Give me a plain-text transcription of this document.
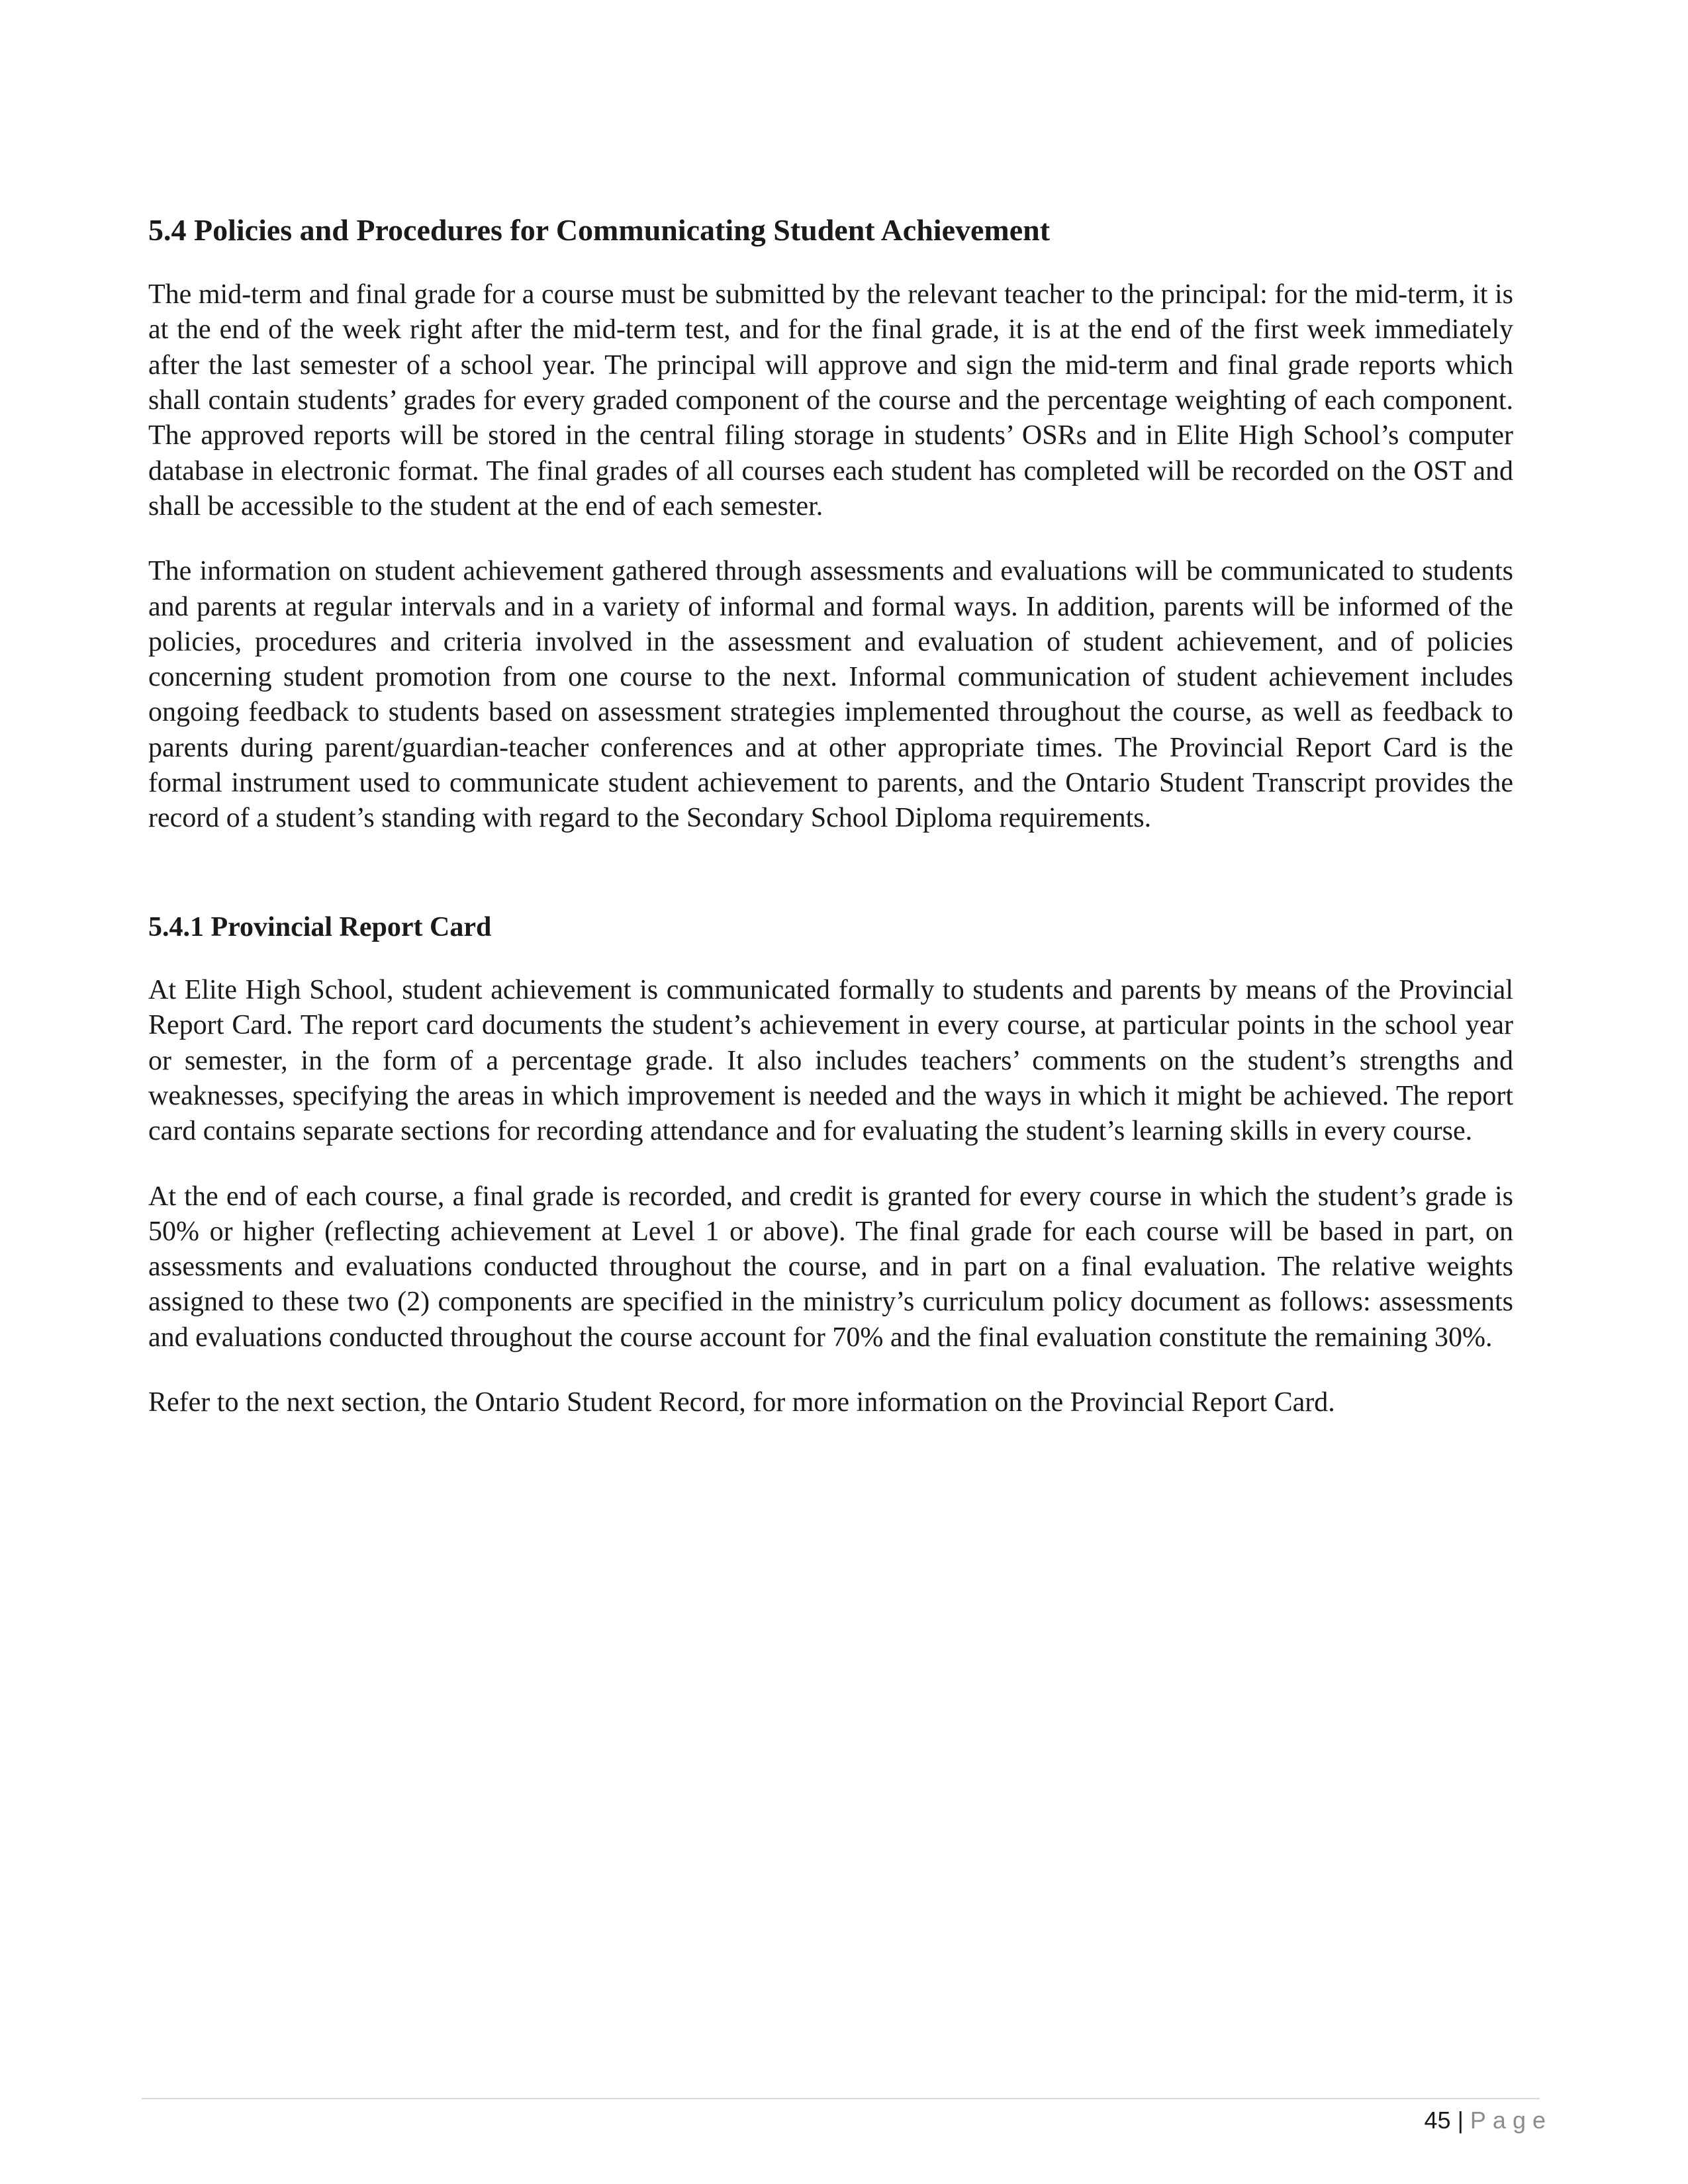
5.4 Policies and Procedures for Communicating Student Achievement

The mid-term and final grade for a course must be submitted by the relevant teacher to the principal: for the mid-term, it is at the end of the week right after the mid-term test, and for the final grade, it is at the end of the first week immediately after the last semester of a school year. The principal will approve and sign the mid-term and final grade reports which shall contain students’ grades for every graded component of the course and the percentage weighting of each component. The approved reports will be stored in the central filing storage in students’ OSRs and in Elite High School’s computer database in electronic format. The final grades of all courses each student has completed will be recorded on the OST and shall be accessible to the student at the end of each semester.

The information on student achievement gathered through assessments and evaluations will be communicated to students and parents at regular intervals and in a variety of informal and formal ways. In addition, parents will be informed of the policies, procedures and criteria involved in the assessment and evaluation of student achievement, and of policies concerning student promotion from one course to the next. Informal communication of student achievement includes ongoing feedback to students based on assessment strategies implemented throughout the course, as well as feedback to parents during parent/guardian-teacher conferences and at other appropriate times. The Provincial Report Card is the formal instrument used to communicate student achievement to parents, and the Ontario Student Transcript provides the record of a student’s standing with regard to the Secondary School Diploma requirements.

5.4.1 Provincial Report Card

At Elite High School, student achievement is communicated formally to students and parents by means of the Provincial Report Card. The report card documents the student’s achievement in every course, at particular points in the school year or semester, in the form of a percentage grade. It also includes teachers’ comments on the student’s strengths and weaknesses, specifying the areas in which improvement is needed and the ways in which it might be achieved. The report card contains separate sections for recording attendance and for evaluating the student’s learning skills in every course.

At the end of each course, a final grade is recorded, and credit is granted for every course in which the student’s grade is 50% or higher (reflecting achievement at Level 1 or above). The final grade for each course will be based in part, on assessments and evaluations conducted throughout the course, and in part on a final evaluation. The relative weights assigned to these two (2) components are specified in the ministry’s curriculum policy document as follows: assessments and evaluations conducted throughout the course account for 70% and the final evaluation constitute the remaining 30%.

Refer to the next section, the Ontario Student Record, for more information on the Provincial Report Card.

45 | Page
